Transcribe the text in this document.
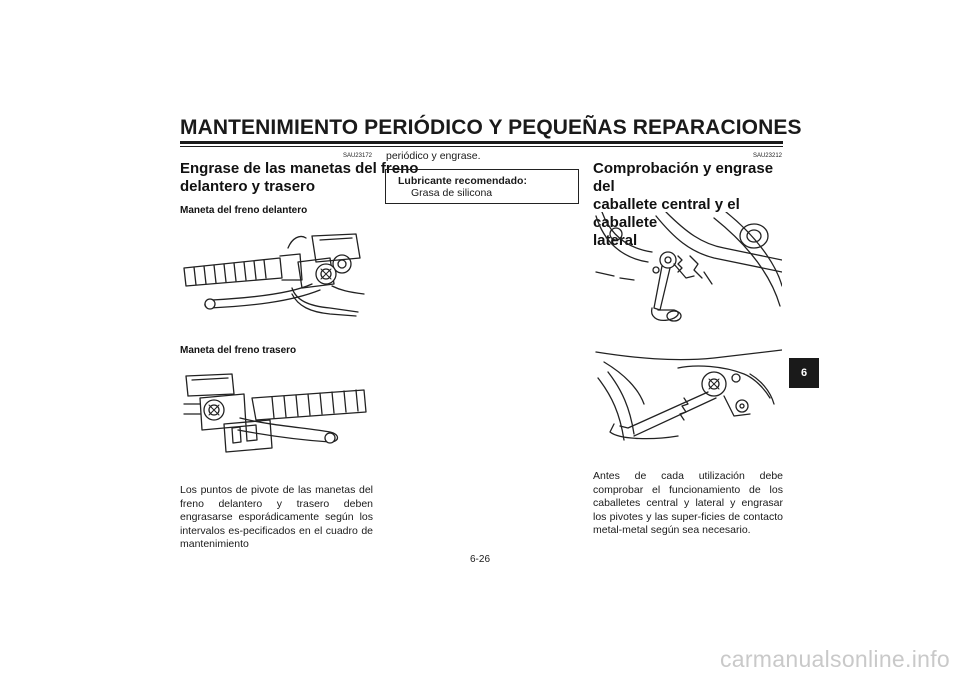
MANTENIMIENTO PERIÓDICO Y PEQUEÑAS REPARACIONES
SAU23172
Engrase de las manetas del freno
delantero y trasero
Maneta del freno delantero
Maneta del freno trasero
Los puntos de pivote de las manetas del freno delantero y trasero deben engrasarse esporádicamente según los intervalos es-pecificados en el cuadro de mantenimiento
periódico y engrase.
Lubricante recomendado:
Grasa de silicona
SAU23212
Comprobación y engrase del
caballete central y el caballete
lateral
Antes de cada utilización debe comprobar el funcionamiento de los caballetes central y lateral y engrasar los pivotes y las super-ficies de contacto metal-metal según sea necesario.
6
6-26
carmanualsonline.info
